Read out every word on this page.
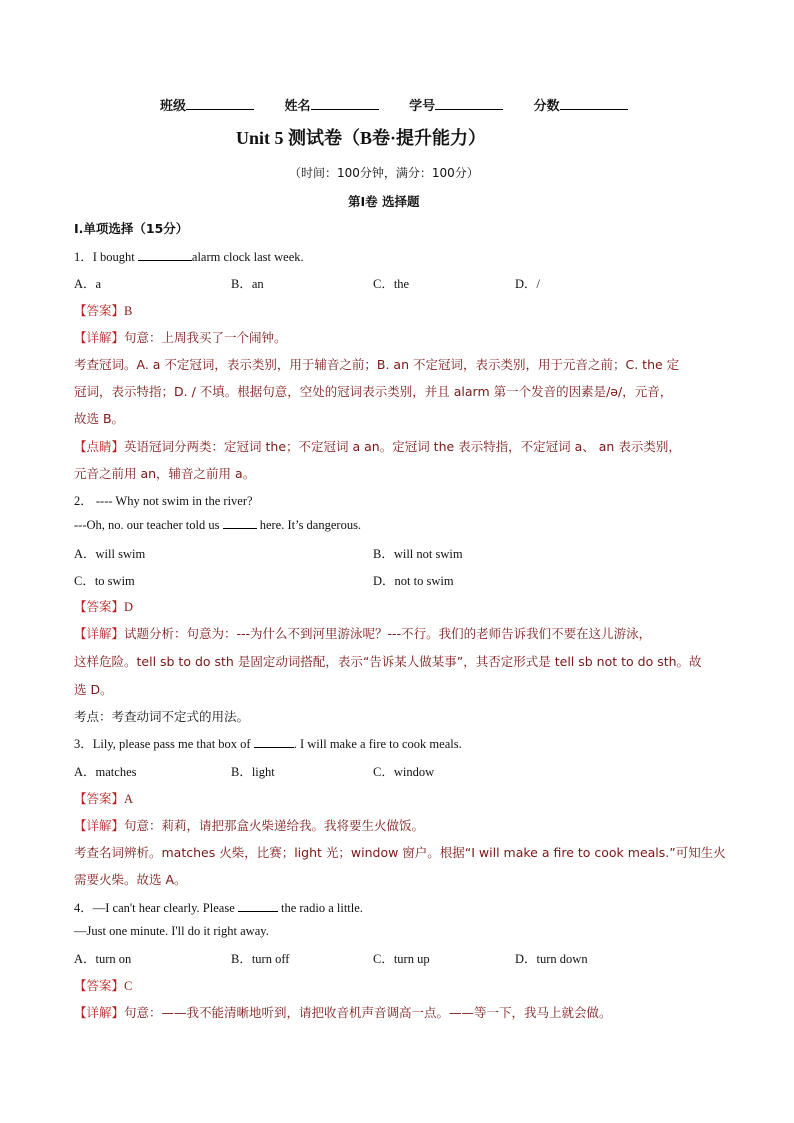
班级	姓名	学号	分数
Unit 5 测试卷（B卷·提升能力）
（时间：100分钟，满分：100分）
第I卷 选择题
I.单项选择（15分）
1．I bought	alarm clock last week.
A．a	B．an	C．the	D．/
【答案】B
【详解】句意：上周我买了一个闹钟。
考查冠词。A. a 不定冠词，表示类别，用于辅音之前；B. an 不定冠词，表示类别，用于元音之前；C. the 定
冠词，表示特指；D. / 不填。根据句意，空处的冠词表示类别，并且 alarm 第一个发音的因素是/ə/，元音，
故选 B。
【点睛】英语冠词分两类：定冠词 the；不定冠词 a an。定冠词 the 表示特指，不定冠词 a、 an 表示类别，
元音之前用 an，辅音之前用 a。
2． ---- Why not swim in the river?
---Oh, no. our teacher told us	here. It’s dangerous.
A．will swim	B．will not swim
C．to swim	D．not to swim
【答案】D
【详解】试题分析：句意为：---为什么不到河里游泳呢？---不行。我们的老师告诉我们不要在这儿游泳，
这样危险。tell sb to do sth 是固定动词搭配，表示“告诉某人做某事”，其否定形式是 tell sb not to do sth。故
选 D。
考点：考查动词不定式的用法。
3．Lily, please pass me that box of	. I will make a fire to cook meals.
A．matches	B．light	C．window
【答案】A
【详解】句意：莉莉，请把那盒火柴递给我。我将要生火做饭。
考查名词辨析。matches 火柴，比赛；light 光；window 窗户。根据“I will make a fire to cook meals.”可知生火
需要火柴。故选 A。
4．—I can't hear clearly. Please	the radio a little.
—Just one minute. I'll do it right away.
A．turn on	B．turn off	C．turn up	D．turn down
【答案】C
【详解】句意：——我不能清晰地听到，请把收音机声音调高一点。——等一下，我马上就会做。
